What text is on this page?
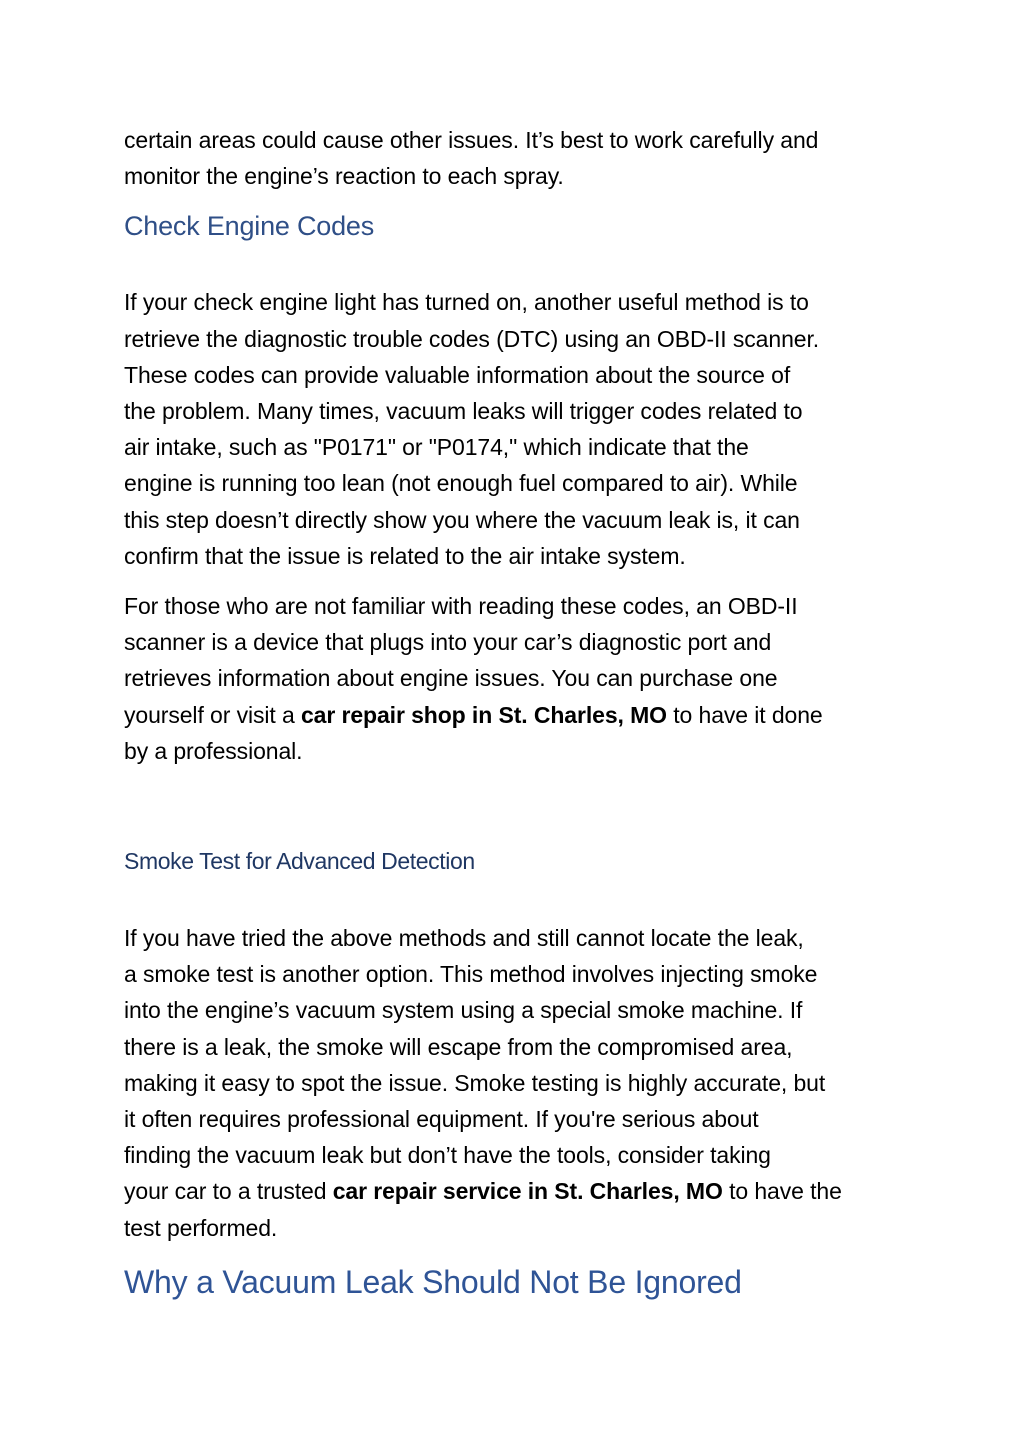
certain areas could cause other issues. It’s best to work carefully and
monitor the engine’s reaction to each spray.

Check Engine Codes

If your check engine light has turned on, another useful method is to
retrieve the diagnostic trouble codes (DTC) using an OBD-II scanner.
These codes can provide valuable information about the source of
the problem. Many times, vacuum leaks will trigger codes related to
air intake, such as "P0171" or "P0174," which indicate that the
engine is running too lean (not enough fuel compared to air). While
this step doesn’t directly show you where the vacuum leak is, it can
confirm that the issue is related to the air intake system.

For those who are not familiar with reading these codes, an OBD-II
scanner is a device that plugs into your car’s diagnostic port and
retrieves information about engine issues. You can purchase one
yourself or visit a car repair shop in St. Charles, MO to have it done
by a professional.

Smoke Test for Advanced Detection

If you have tried the above methods and still cannot locate the leak,
a smoke test is another option. This method involves injecting smoke
into the engine’s vacuum system using a special smoke machine. If
there is a leak, the smoke will escape from the compromised area,
making it easy to spot the issue. Smoke testing is highly accurate, but
it often requires professional equipment. If you're serious about
finding the vacuum leak but don’t have the tools, consider taking
your car to a trusted car repair service in St. Charles, MO to have the
test performed.

Why a Vacuum Leak Should Not Be Ignored
